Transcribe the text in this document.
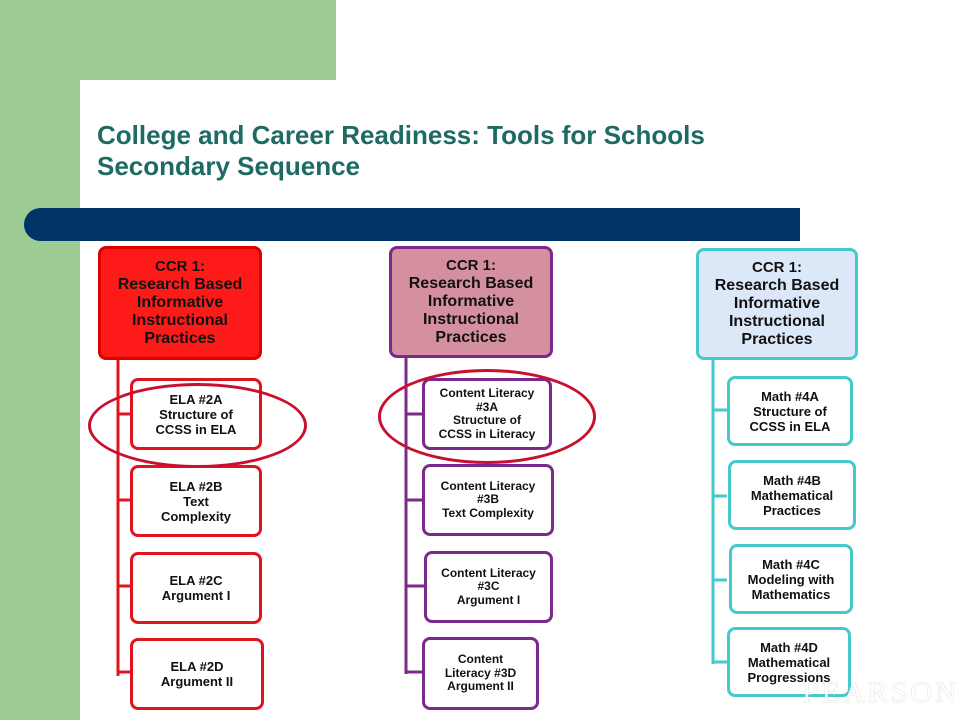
College and Career Readiness: Tools for Schools
Secondary Sequence
CCR 1:
Research Based
Informative
Instructional
Practices
ELA #2A
Structure of
CCSS in ELA
ELA #2B
Text
Complexity
ELA #2C
Argument I
ELA #2D
Argument II
CCR 1:
Research Based
Informative
Instructional
Practices
Content Literacy
#3A
Structure of
CCSS in Literacy
Content Literacy
#3B
Text Complexity
Content Literacy
#3C
Argument I
Content
Literacy #3D
Argument II
CCR 1:
Research Based
Informative
Instructional
Practices
Math #4A
Structure of
CCSS in ELA
Math #4B
Mathematical
Practices
Math #4C
Modeling with
Mathematics
Math #4D
Mathematical
Progressions
PEARSON
